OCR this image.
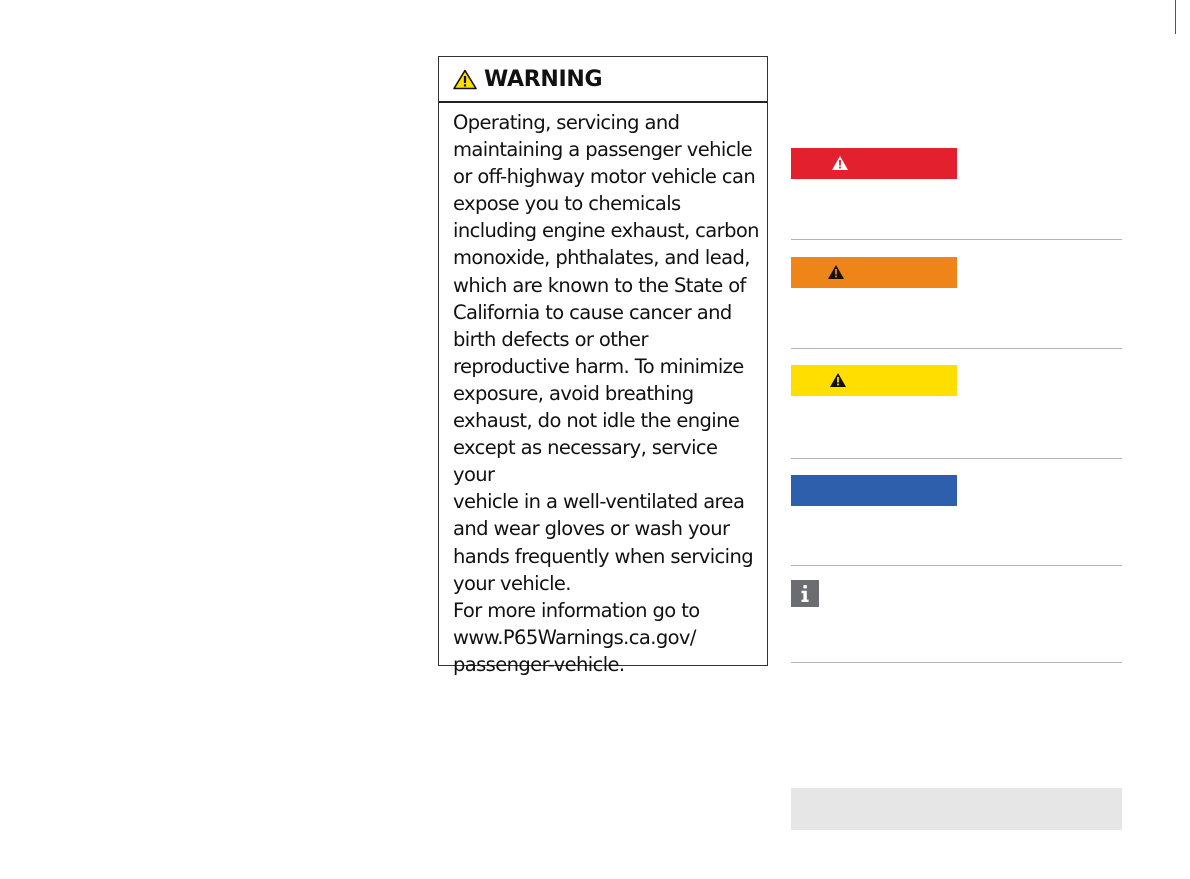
WARNING

Operating, servicing and
maintaining a passenger vehicle
or off-highway motor vehicle can
expose you to chemicals
including engine exhaust, carbon
monoxide, phthalates, and lead,
which are known to the State of
California to cause cancer and
birth defects or other
reproductive harm. To minimize
exposure, avoid breathing
exhaust, do not idle the engine
except as necessary, service your
vehicle in a well-ventilated area
and wear gloves or wash your
hands frequently when servicing
your vehicle.
For more information go to
www.P65Warnings.ca.gov/
passenger-vehicle.
